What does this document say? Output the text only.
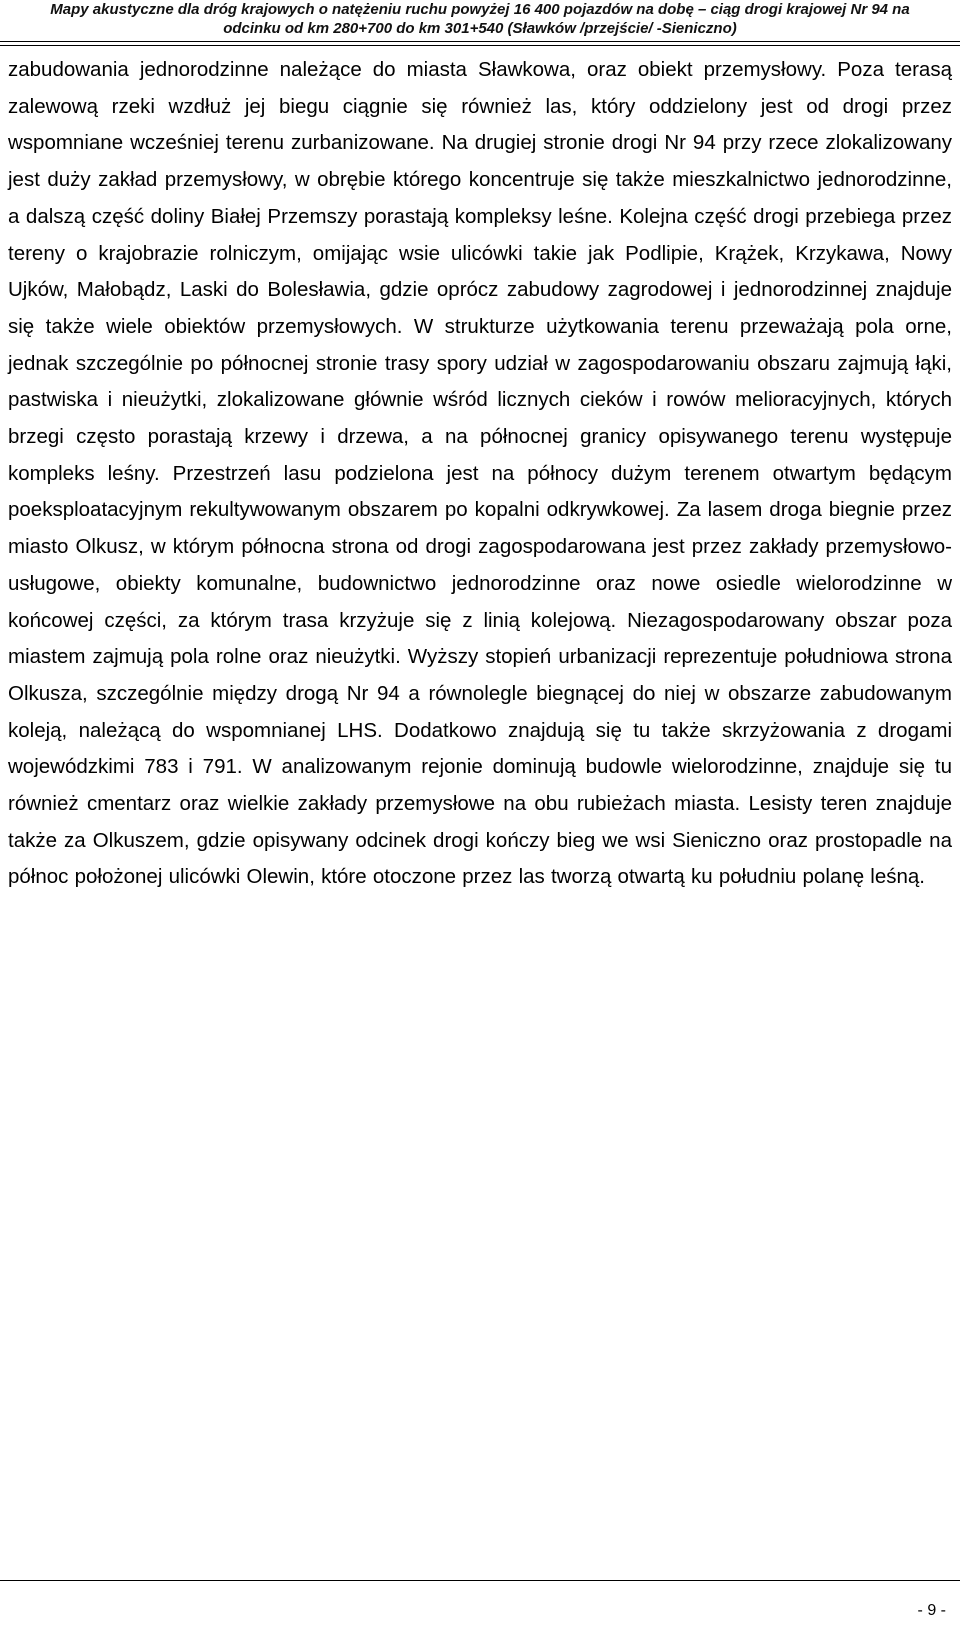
Mapy akustyczne dla dróg krajowych o natężeniu ruchu powyżej 16 400 pojazdów na dobę – ciąg drogi krajowej Nr 94 na
odcinku od km 280+700 do km 301+540 (Sławków /przejście/ -Sieniczno)

zabudowania jednorodzinne należące do miasta Sławkowa, oraz obiekt przemysłowy. Poza terasą zalewową rzeki wzdłuż jej biegu ciągnie się również las, który oddzielony jest od drogi przez wspomniane wcześniej terenu zurbanizowane. Na drugiej stronie drogi Nr 94 przy rzece zlokalizowany jest duży zakład przemysłowy, w obrębie którego koncentruje się także mieszkalnictwo jednorodzinne, a dalszą część doliny Białej Przemszy porastają kompleksy leśne. Kolejna część drogi przebiega przez tereny o krajobrazie rolniczym, omijając wsie ulicówki takie jak Podlipie, Krążek, Krzykawa, Nowy Ujków, Małobądz, Laski do Bolesławia, gdzie oprócz zabudowy zagrodowej i jednorodzinnej znajduje się także wiele obiektów przemysłowych. W strukturze użytkowania terenu przeważają pola orne, jednak szczególnie po północnej stronie trasy spory udział w zagospodarowaniu obszaru zajmują łąki, pastwiska i nieużytki, zlokalizowane głównie wśród licznych cieków i rowów melioracyjnych, których brzegi często porastają krzewy i drzewa, a na północnej granicy opisywanego terenu występuje kompleks leśny. Przestrzeń lasu podzielona jest na północy dużym terenem otwartym będącym poeksploatacyjnym rekultywowanym obszarem po kopalni odkrywkowej. Za lasem droga biegnie przez miasto Olkusz, w którym północna strona od drogi zagospodarowana jest przez zakłady przemysłowo-usługowe, obiekty komunalne, budownictwo jednorodzinne oraz nowe osiedle wielorodzinne w końcowej części, za którym trasa krzyżuje się z linią kolejową. Niezagospodarowany obszar poza miastem zajmują pola rolne oraz nieużytki. Wyższy stopień urbanizacji reprezentuje południowa strona Olkusza, szczególnie między drogą Nr 94 a równolegle biegnącej do niej w obszarze zabudowanym koleją, należącą do wspomnianej LHS. Dodatkowo znajdują się tu także skrzyżowania z drogami wojewódzkimi 783 i 791. W analizowanym rejonie dominują budowle wielorodzinne, znajduje się tu również cmentarz oraz wielkie zakłady przemysłowe na obu rubieżach miasta. Lesisty teren znajduje także za Olkuszem, gdzie opisywany odcinek drogi kończy bieg we wsi Sieniczno oraz prostopadle na północ położonej ulicówki Olewin, które otoczone przez las tworzą otwartą ku południu polanę leśną.

- 9 -
